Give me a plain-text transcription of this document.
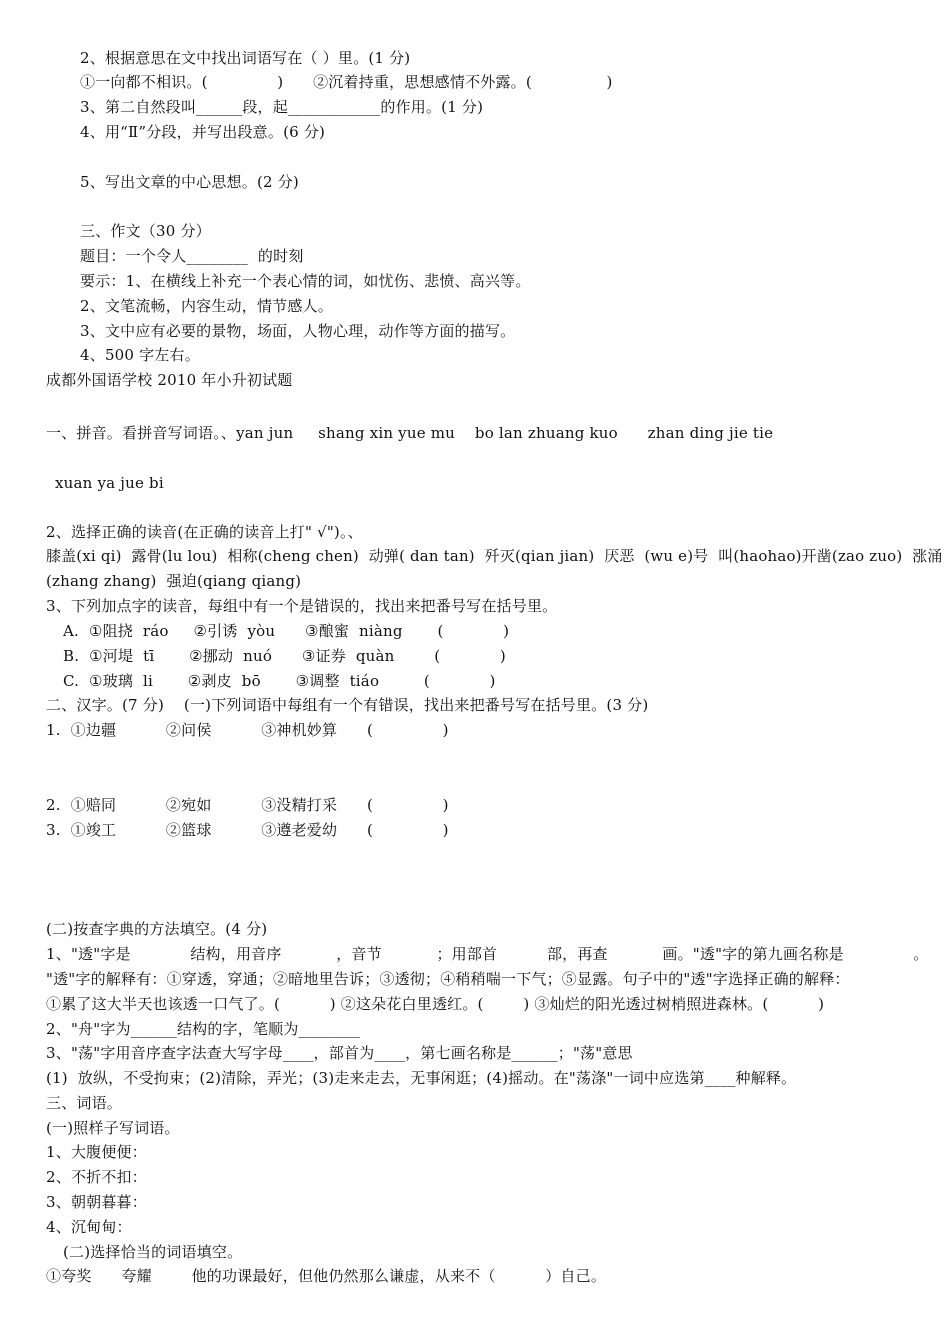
2、根据意思在文中找出词语写在（ ）里。(1 分)
①一向都不相识。(              )      ②沉着持重，思想感情不外露。(               )
3、第二自然段叫______段，起____________的作用。(1 分)
4、用“Ⅱ”分段，并写出段意。(6 分)
5、写出文章的中心思想。(2 分)
三、作文（30 分）
题目：一个令人________  的时刻
要示：1、在横线上补充一个表心情的词，如忧伤、悲愤、高兴等。
2、文笔流畅，内容生动，情节感人。
3、文中应有必要的景物，场面，人物心理，动作等方面的描写。
4、500 字左右。
成都外国语学校 2010 年小升初试题
一、拼音。看拼音写词语。、yan jun     shang xin yue mu    bo lan zhuang kuo      zhan ding jie tie
xuan ya jue bi
2、选择正确的读音(在正确的读音上打" √")。、
膝盖(xi qi)  露骨(lu lou)  相称(cheng chen)  动弹( dan tan)  歼灭(qian jian)  厌恶  (wu e)号  叫(haohao)开凿(zao zuo)  涨涌
(zhang zhang)  强迫(qiang qiang)
3、下列加点字的读音，每组中有一个是错误的，找出来把番号写在括号里。
A.  ①阻挠  ráo     ②引诱  yòu      ③酿蜜  niàng       (            )
B.  ①河堤  tī       ②挪动  nuó      ③证券  quàn        (            )
C.  ①玻璃  li       ②剥皮  bō       ③调整  tiáo         (            )
二、汉字。(7 分)    (一)下列词语中每组有一个有错误，找出来把番号写在括号里。(3 分)
1.  ①边疆          ②问侯          ③神机妙算      (              )
2.  ①赔同          ②宛如          ③没精打采      (              )
3.  ①竣工          ②篮球          ③遵老爱幼      (              )
(二)按查字典的方法填空。(4 分)
1、"透"字是            结构，用音序           ，音节           ；用部首          部，再查           画。"透"字的第九画名称是              。
"透"字的解释有：①穿透，穿通；②暗地里告诉；③透彻；④稍稍喘一下气；⑤显露。句子中的"透"字选择正确的解释：
①累了这大半天也该透一口气了。(          ) ②这朵花白里透红。(        ) ③灿烂的阳光透过树梢照进森林。(          )
2、"舟"字为______结构的字，笔顺为________
3、"荡"字用音序查字法查大写字母____，部首为____，第七画名称是______；"荡"意思
(1)  放纵，不受拘束；(2)清除，弄光；(3)走来走去，无事闲逛；(4)摇动。在"荡涤"一词中应选第____种解释。
三、词语。
(一)照样子写词语。
1、大腹便便：
2、不折不扣：
3、朝朝暮暮：
4、沉甸甸：
(二)选择恰当的词语填空。
①夸奖      夸耀        他的功课最好，但他仍然那么谦虚，从来不（          ）自己。
